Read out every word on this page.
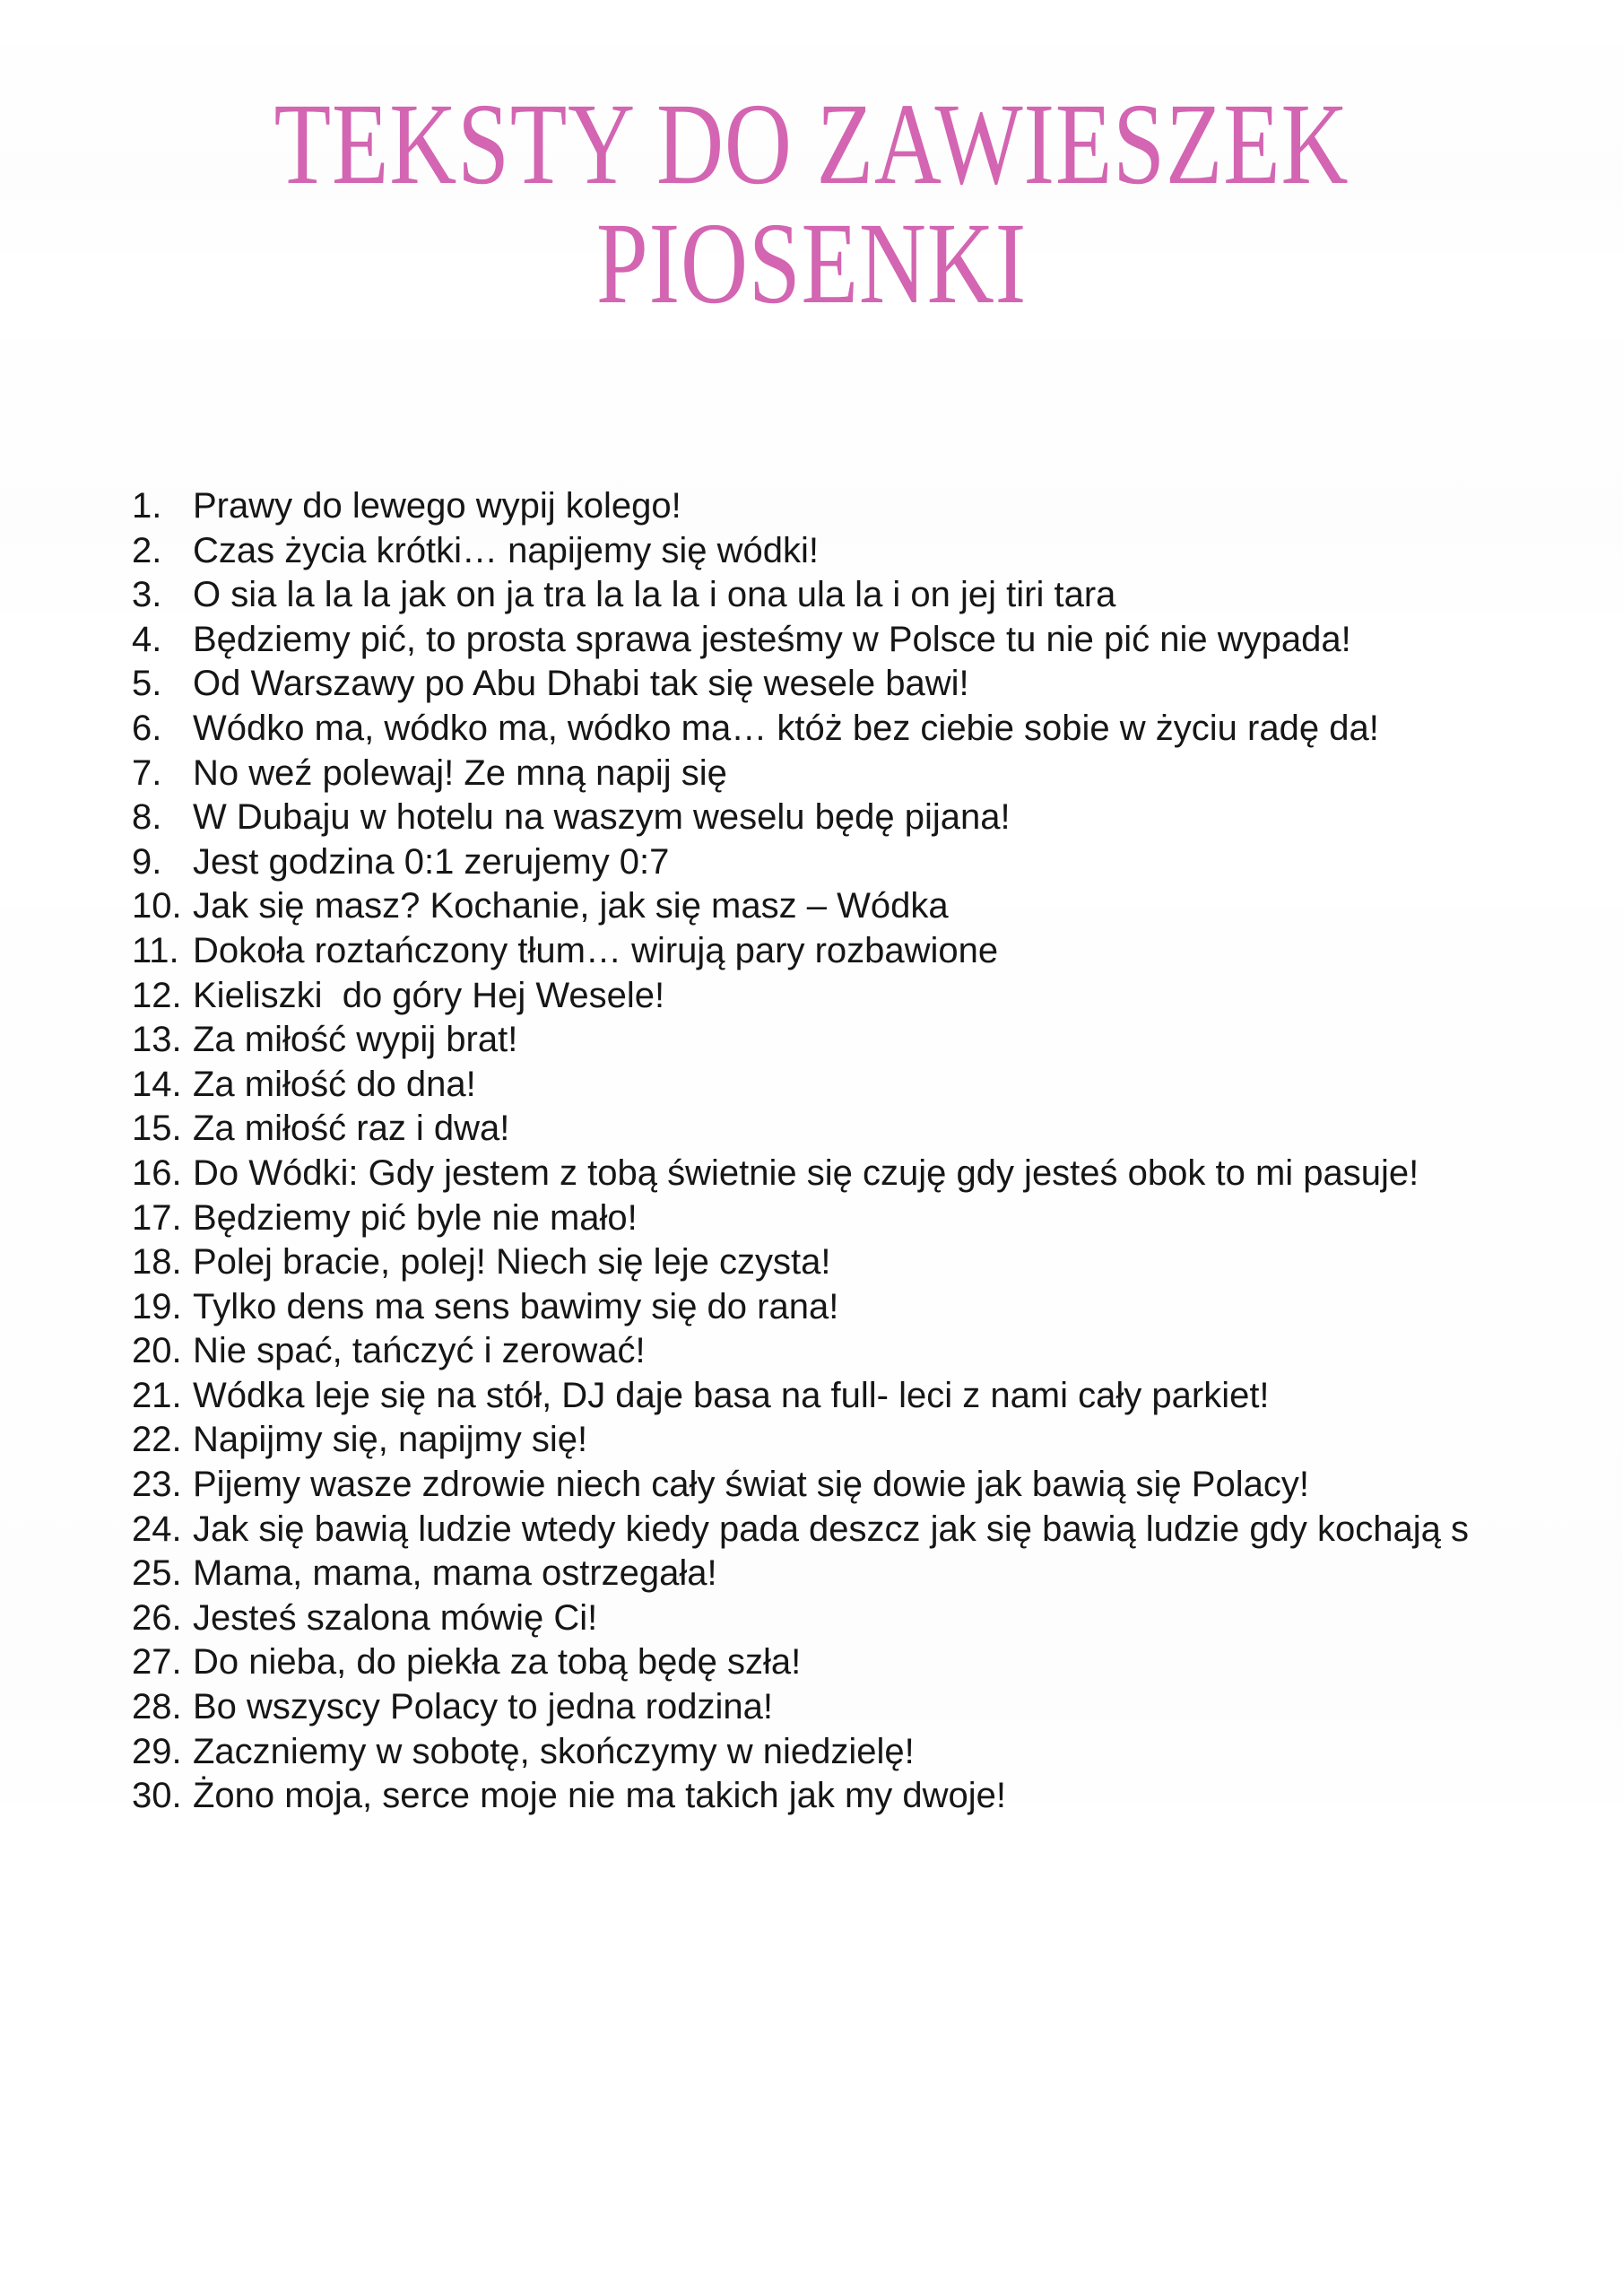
TEKSTY DO ZAWIESZEK
PIOSENKI
1. Prawy do lewego wypij kolego!
2. Czas życia krótki… napijemy się wódki!
3. O sia la la la jak on ja tra la la la i ona ula la i on jej tiri tara
4. Będziemy pić, to prosta sprawa jesteśmy w Polsce tu nie pić nie wypada!
5. Od Warszawy po Abu Dhabi tak się wesele bawi!
6. Wódko ma, wódko ma, wódko ma… któż bez ciebie sobie w życiu radę da!
7. No weź polewaj! Ze mną napij się
8. W Dubaju w hotelu na waszym weselu będę pijana!
9. Jest godzina 0:1 zerujemy 0:7
10. Jak się masz? Kochanie, jak się masz – Wódka
11. Dokoła roztańczony tłum… wirują pary rozbawione
12. Kieliszki  do góry Hej Wesele!
13. Za miłość wypij brat!
14. Za miłość do dna!
15. Za miłość raz i dwa!
16. Do Wódki: Gdy jestem z tobą świetnie się czuję gdy jesteś obok to mi pasuje!
17. Będziemy pić byle nie mało!
18. Polej bracie, polej! Niech się leje czysta!
19. Tylko dens ma sens bawimy się do rana!
20. Nie spać, tańczyć i zerować!
21. Wódka leje się na stół, DJ daje basa na full- leci z nami cały parkiet!
22. Napijmy się, napijmy się!
23. Pijemy wasze zdrowie niech cały świat się dowie jak bawią się Polacy!
24. Jak się bawią ludzie wtedy kiedy pada deszcz jak się bawią ludzie gdy kochają s
25. Mama, mama, mama ostrzegała!
26. Jesteś szalona mówię Ci!
27. Do nieba, do piekła za tobą będę szła!
28. Bo wszyscy Polacy to jedna rodzina!
29. Zaczniemy w sobotę, skończymy w niedzielę!
30. Żono moja, serce moje nie ma takich jak my dwoje!
